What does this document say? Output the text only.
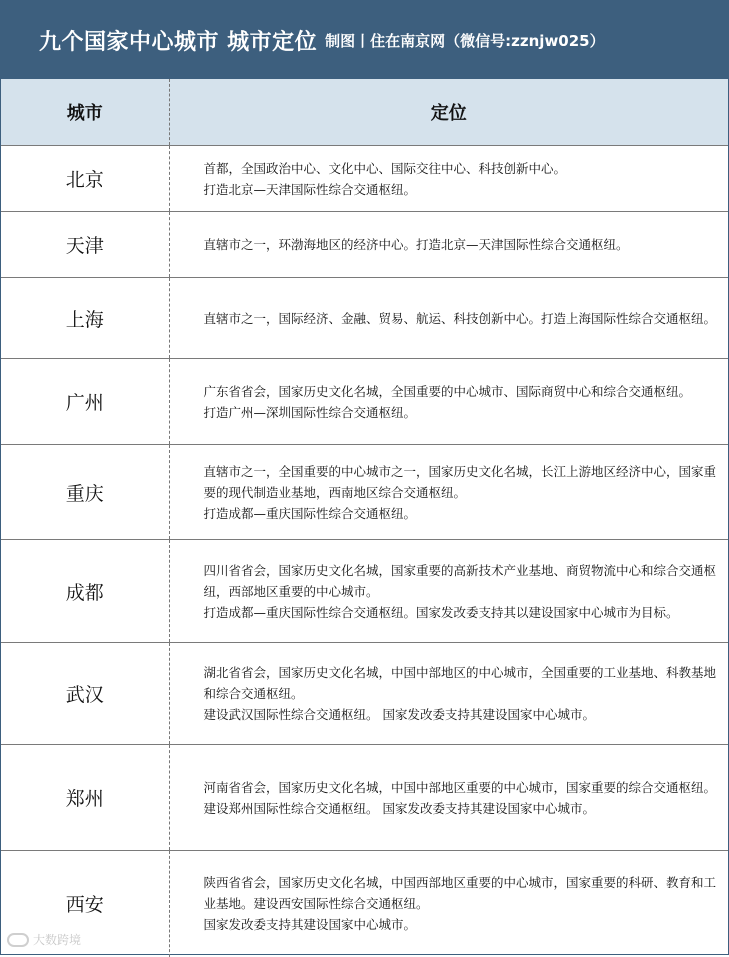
九个国家中心城市 城市定位 制图丨住在南京网（微信号:zznjw025）
城市	定位
北京	首都，全国政治中心、文化中心、国际交往中心、科技创新中心。
打造北京—天津国际性综合交通枢纽。

天津	直辖市之一，环渤海地区的经济中心。打造北京—天津国际性综合交通枢纽。

上海	直辖市之一，国际经济、金融、贸易、航运、科技创新中心。打造上海国际性综合交通枢纽。

广州	广东省省会，国家历史文化名城，全国重要的中心城市、国际商贸中心和综合交通枢纽。
打造广州—深圳国际性综合交通枢纽。

重庆	直辖市之一，全国重要的中心城市之一，国家历史文化名城，长江上游地区经济中心，国家重要的现代制造业基地，西南地区综合交通枢纽。
打造成都—重庆国际性综合交通枢纽。

成都	四川省省会，国家历史文化名城，国家重要的高新技术产业基地、商贸物流中心和综合交通枢纽，西部地区重要的中心城市。
打造成都—重庆国际性综合交通枢纽。国家发改委支持其以建设国家中心城市为目标。

武汉	湖北省省会，国家历史文化名城，中国中部地区的中心城市，全国重要的工业基地、科教基地和综合交通枢纽。
建设武汉国际性综合交通枢纽。 国家发改委支持其建设国家中心城市。

郑州	河南省省会，国家历史文化名城，中国中部地区重要的中心城市，国家重要的综合交通枢纽。
建设郑州国际性综合交通枢纽。 国家发改委支持其建设国家中心城市。

西安	陕西省省会，国家历史文化名城，中国西部地区重要的中心城市，国家重要的科研、教育和工业基地。建设西安国际性综合交通枢纽。
国家发改委支持其建设国家中心城市。
大数跨境
